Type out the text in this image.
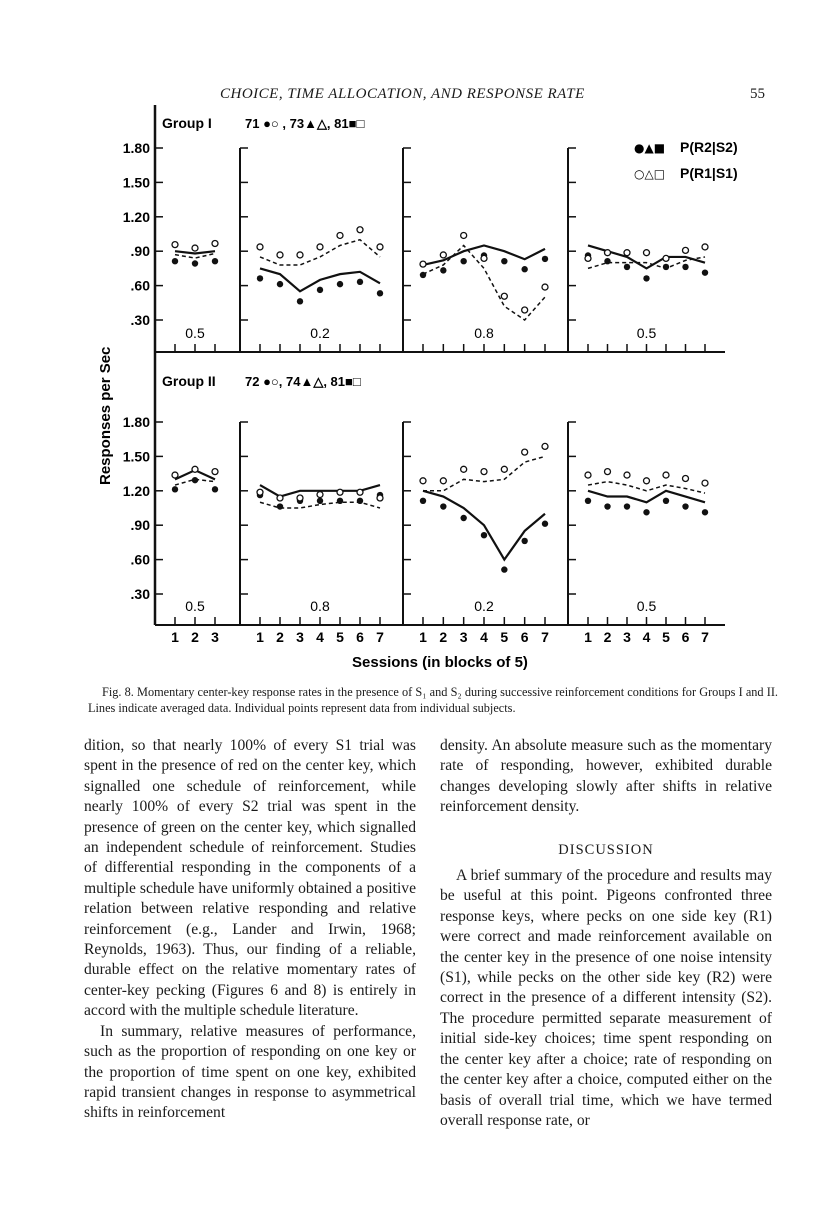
CHOICE, TIME ALLOCATION, AND RESPONSE RATE	55
Responses per Sec
Sessions (in blocks of 5)
Group I	71 ●○ , 73▲△, 81■□
Group II 72 ●○, 74▲△, 81■□
●▲■ P(R2|S2)
○△□ P(R1|S1)
1.80
1.50
1.20
.90
.60
.30
0.5	0.2	0.8	0.5
1.80
1.50
1.20
.90
.60
.30
1 2 3
0.5
1 2 3 4 5 6 7
0.8
1 2 3 4 5 6 7
0.2
1 2 3 4 5 6 7
0.5
Fig. 8. Momentary center-key response rates in the presence of S₁ and S₂ during successive reinforcement conditions for Groups I and II. Lines indicate averaged data. Individual points represent data from individual subjects.

dition, so that nearly 100% of every S1 trial was spent in the presence of red on the center key, which signalled one schedule of reinforcement, while nearly 100% of every S2 trial was spent in the presence of green on the center key, which signalled an independent schedule of reinforcement. Studies of differential responding in the components of a multiple schedule have uniformly obtained a positive relation between relative responding and relative reinforcement (e.g., Lander and Irwin, 1968; Reynolds, 1963). Thus, our finding of a reliable, durable effect on the relative momentary rates of center-key pecking (Figures 6 and 8) is entirely in accord with the multiple schedule literature.

In summary, relative measures of performance, such as the proportion of responding on one key or the proportion of time spent on one key, exhibited rapid transient changes in response to asymmetrical shifts in reinforcement

density. An absolute measure such as the momentary rate of responding, however, exhibited durable changes developing slowly after shifts in relative reinforcement density.

DISCUSSION

A brief summary of the procedure and results may be useful at this point. Pigeons confronted three response keys, where pecks on one side key (R1) were correct and made reinforcement available on the center key in the presence of one noise intensity (S1), while pecks on the other side key (R2) were correct in the presence of a different intensity (S2). The procedure permitted separate measurement of initial side-key choices; time spent responding on the center key after a choice; rate of responding on the center key after a choice, computed either on the basis of overall trial time, which we have termed overall response rate, or
